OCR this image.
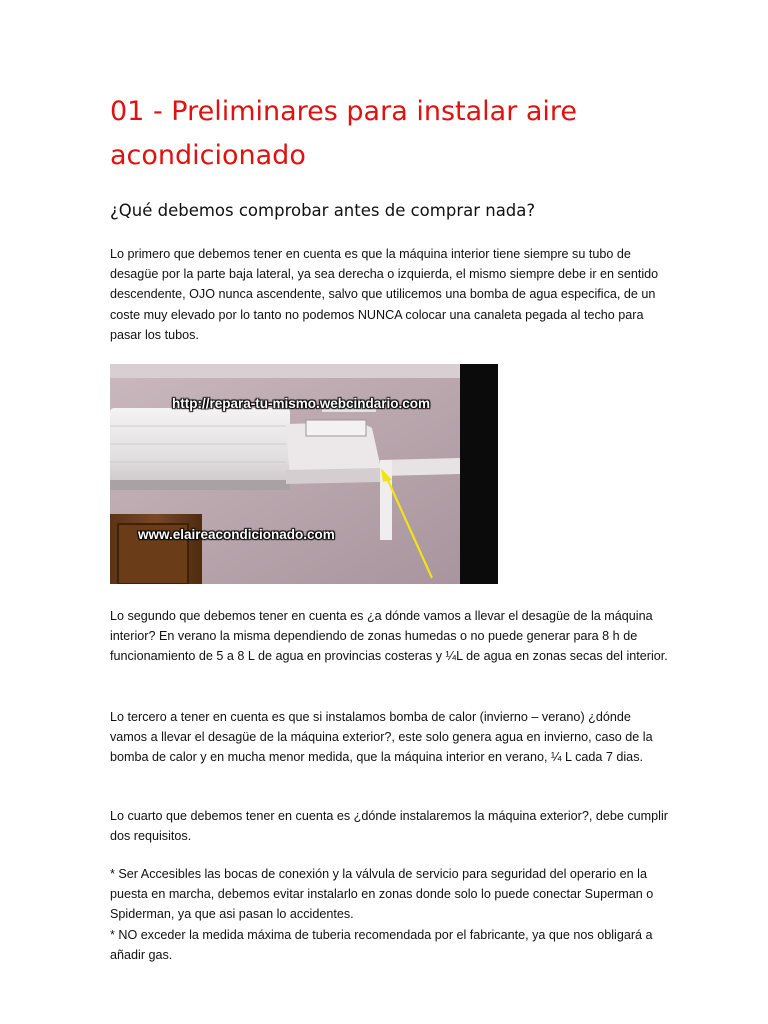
01 - Preliminares para instalar aire acondicionado
¿Qué debemos comprobar antes de comprar nada?

Lo primero que debemos tener en cuenta es que la máquina interior tiene siempre su tubo de desagüe por la parte baja lateral, ya sea derecha o izquierda, el mismo siempre debe ir en sentido descendente, OJO nunca ascendente, salvo que utilicemos una bomba de agua especifica, de un coste muy elevado por lo tanto no podemos NUNCA colocar una canaleta pegada al techo para pasar los tubos.

http://repara-tu-mismo.webcindario.com
www.elaireacondicionado.com

Lo segundo que debemos tener en cuenta es ¿a dónde vamos a llevar el desagüe de la máquina interior? En verano la misma dependiendo de zonas humedas o no puede generar para 8 h de funcionamiento de 5 a 8 L de agua en provincias costeras y ¼L de agua en zonas secas del interior.

Lo tercero a tener en cuenta es que si instalamos bomba de calor (invierno – verano) ¿dónde vamos a llevar el desagüe de la máquina exterior?, este solo genera agua en invierno, caso de la bomba de calor y en mucha menor medida, que la máquina interior en verano, ¼ L cada 7 dias.

Lo cuarto que debemos tener en cuenta es ¿dónde instalaremos la máquina exterior?, debe cumplir dos requisitos.

* Ser Accesibles las bocas de conexión y la válvula de servicio para seguridad del operario en la puesta en marcha, debemos evitar instalarlo en zonas donde solo lo puede conectar Superman o Spiderman, ya que asi pasan lo accidentes.

* NO exceder la medida máxima de tuberia recomendada por el fabricante, ya que nos obligará a añadir gas.
